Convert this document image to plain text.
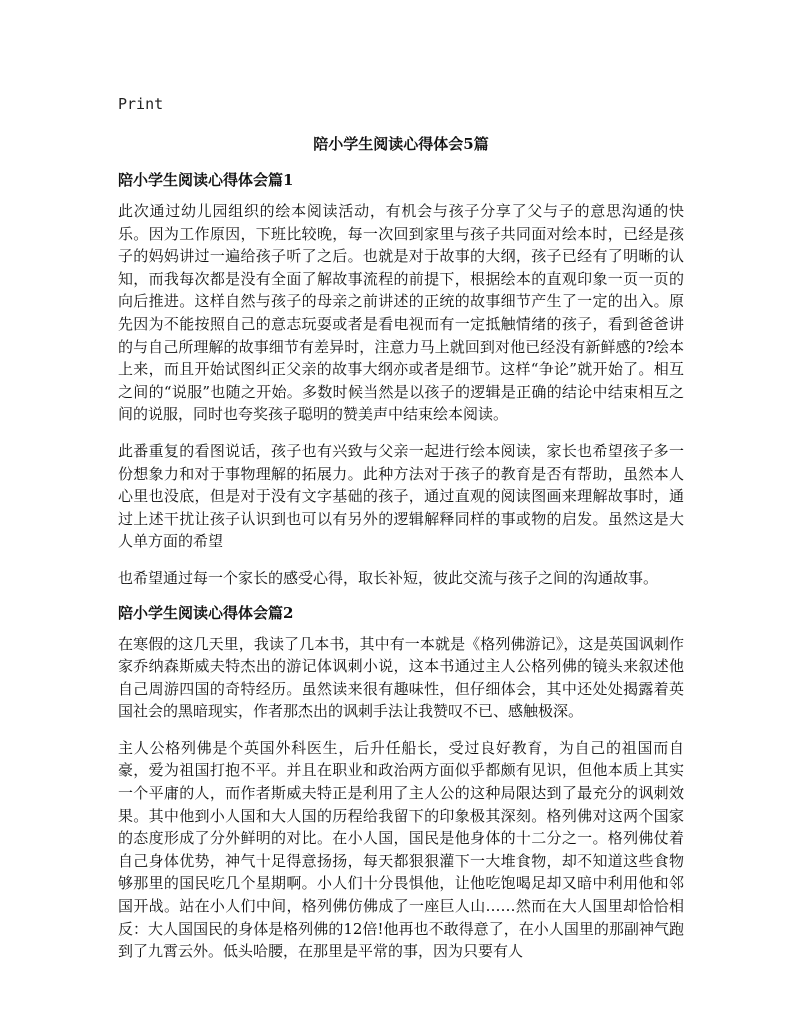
Print
陪小学生阅读心得体会5篇
陪小学生阅读心得体会篇1

此次通过幼儿园组织的绘本阅读活动，有机会与孩子分享了父与子的意思沟通的快乐。因为工作原因，下班比较晚，每一次回到家里与孩子共同面对绘本时，已经是孩子的妈妈讲过一遍给孩子听了之后。也就是对于故事的大纲，孩子已经有了明晰的认知，而我每次都是没有全面了解故事流程的前提下，根据绘本的直观印象一页一页的向后推进。这样自然与孩子的母亲之前讲述的正统的故事细节产生了一定的出入。原先因为不能按照自己的意志玩耍或者是看电视而有一定抵触情绪的孩子，看到爸爸讲的与自己所理解的故事细节有差异时，注意力马上就回到对他已经没有新鲜感的?绘本上来，而且开始试图纠正父亲的故事大纲亦或者是细节。这样“争论”就开始了。相互之间的“说服”也随之开始。多数时候当然是以孩子的逻辑是正确的结论中结束相互之间的说服，同时也夸奖孩子聪明的赞美声中结束绘本阅读。

此番重复的看图说话，孩子也有兴致与父亲一起进行绘本阅读，家长也希望孩子多一份想象力和对于事物理解的拓展力。此种方法对于孩子的教育是否有帮助，虽然本人心里也没底，但是对于没有文字基础的孩子，通过直观的阅读图画来理解故事时，通过上述干扰让孩子认识到也可以有另外的逻辑解释同样的事或物的启发。虽然这是大人单方面的希望

也希望通过每一个家长的感受心得，取长补短，彼此交流与孩子之间的沟通故事。

陪小学生阅读心得体会篇2

在寒假的这几天里，我读了几本书，其中有一本就是《格列佛游记》，这是英国讽刺作家乔纳森斯威夫特杰出的游记体讽刺小说，这本书通过主人公格列佛的镜头来叙述他自己周游四国的奇特经历。虽然读来很有趣味性，但仔细体会，其中还处处揭露着英国社会的黑暗现实，作者那杰出的讽刺手法让我赞叹不已、感触极深。

主人公格列佛是个英国外科医生，后升任船长，受过良好教育，为自己的祖国而自豪，爱为祖国打抱不平。并且在职业和政治两方面似乎都颇有见识，但他本质上其实一个平庸的人，而作者斯威夫特正是利用了主人公的这种局限达到了最充分的讽刺效果。其中他到小人国和大人国的历程给我留下的印象极其深刻。格列佛对这两个国家的态度形成了分外鲜明的对比。在小人国，国民是他身体的十二分之一。格列佛仗着自己身体优势，神气十足得意扬扬，每天都狠狠灌下一大堆食物，却不知道这些食物够那里的国民吃几个星期啊。小人们十分畏惧他，让他吃饱喝足却又暗中利用他和邻国开战。站在小人们中间，格列佛仿佛成了一座巨人山……然而在大人国里却恰恰相反：大人国国民的身体是格列佛的12倍!他再也不敢得意了，在小人国里的那副神气跑到了九霄云外。低头哈腰，在那里是平常的事，因为只要有人
